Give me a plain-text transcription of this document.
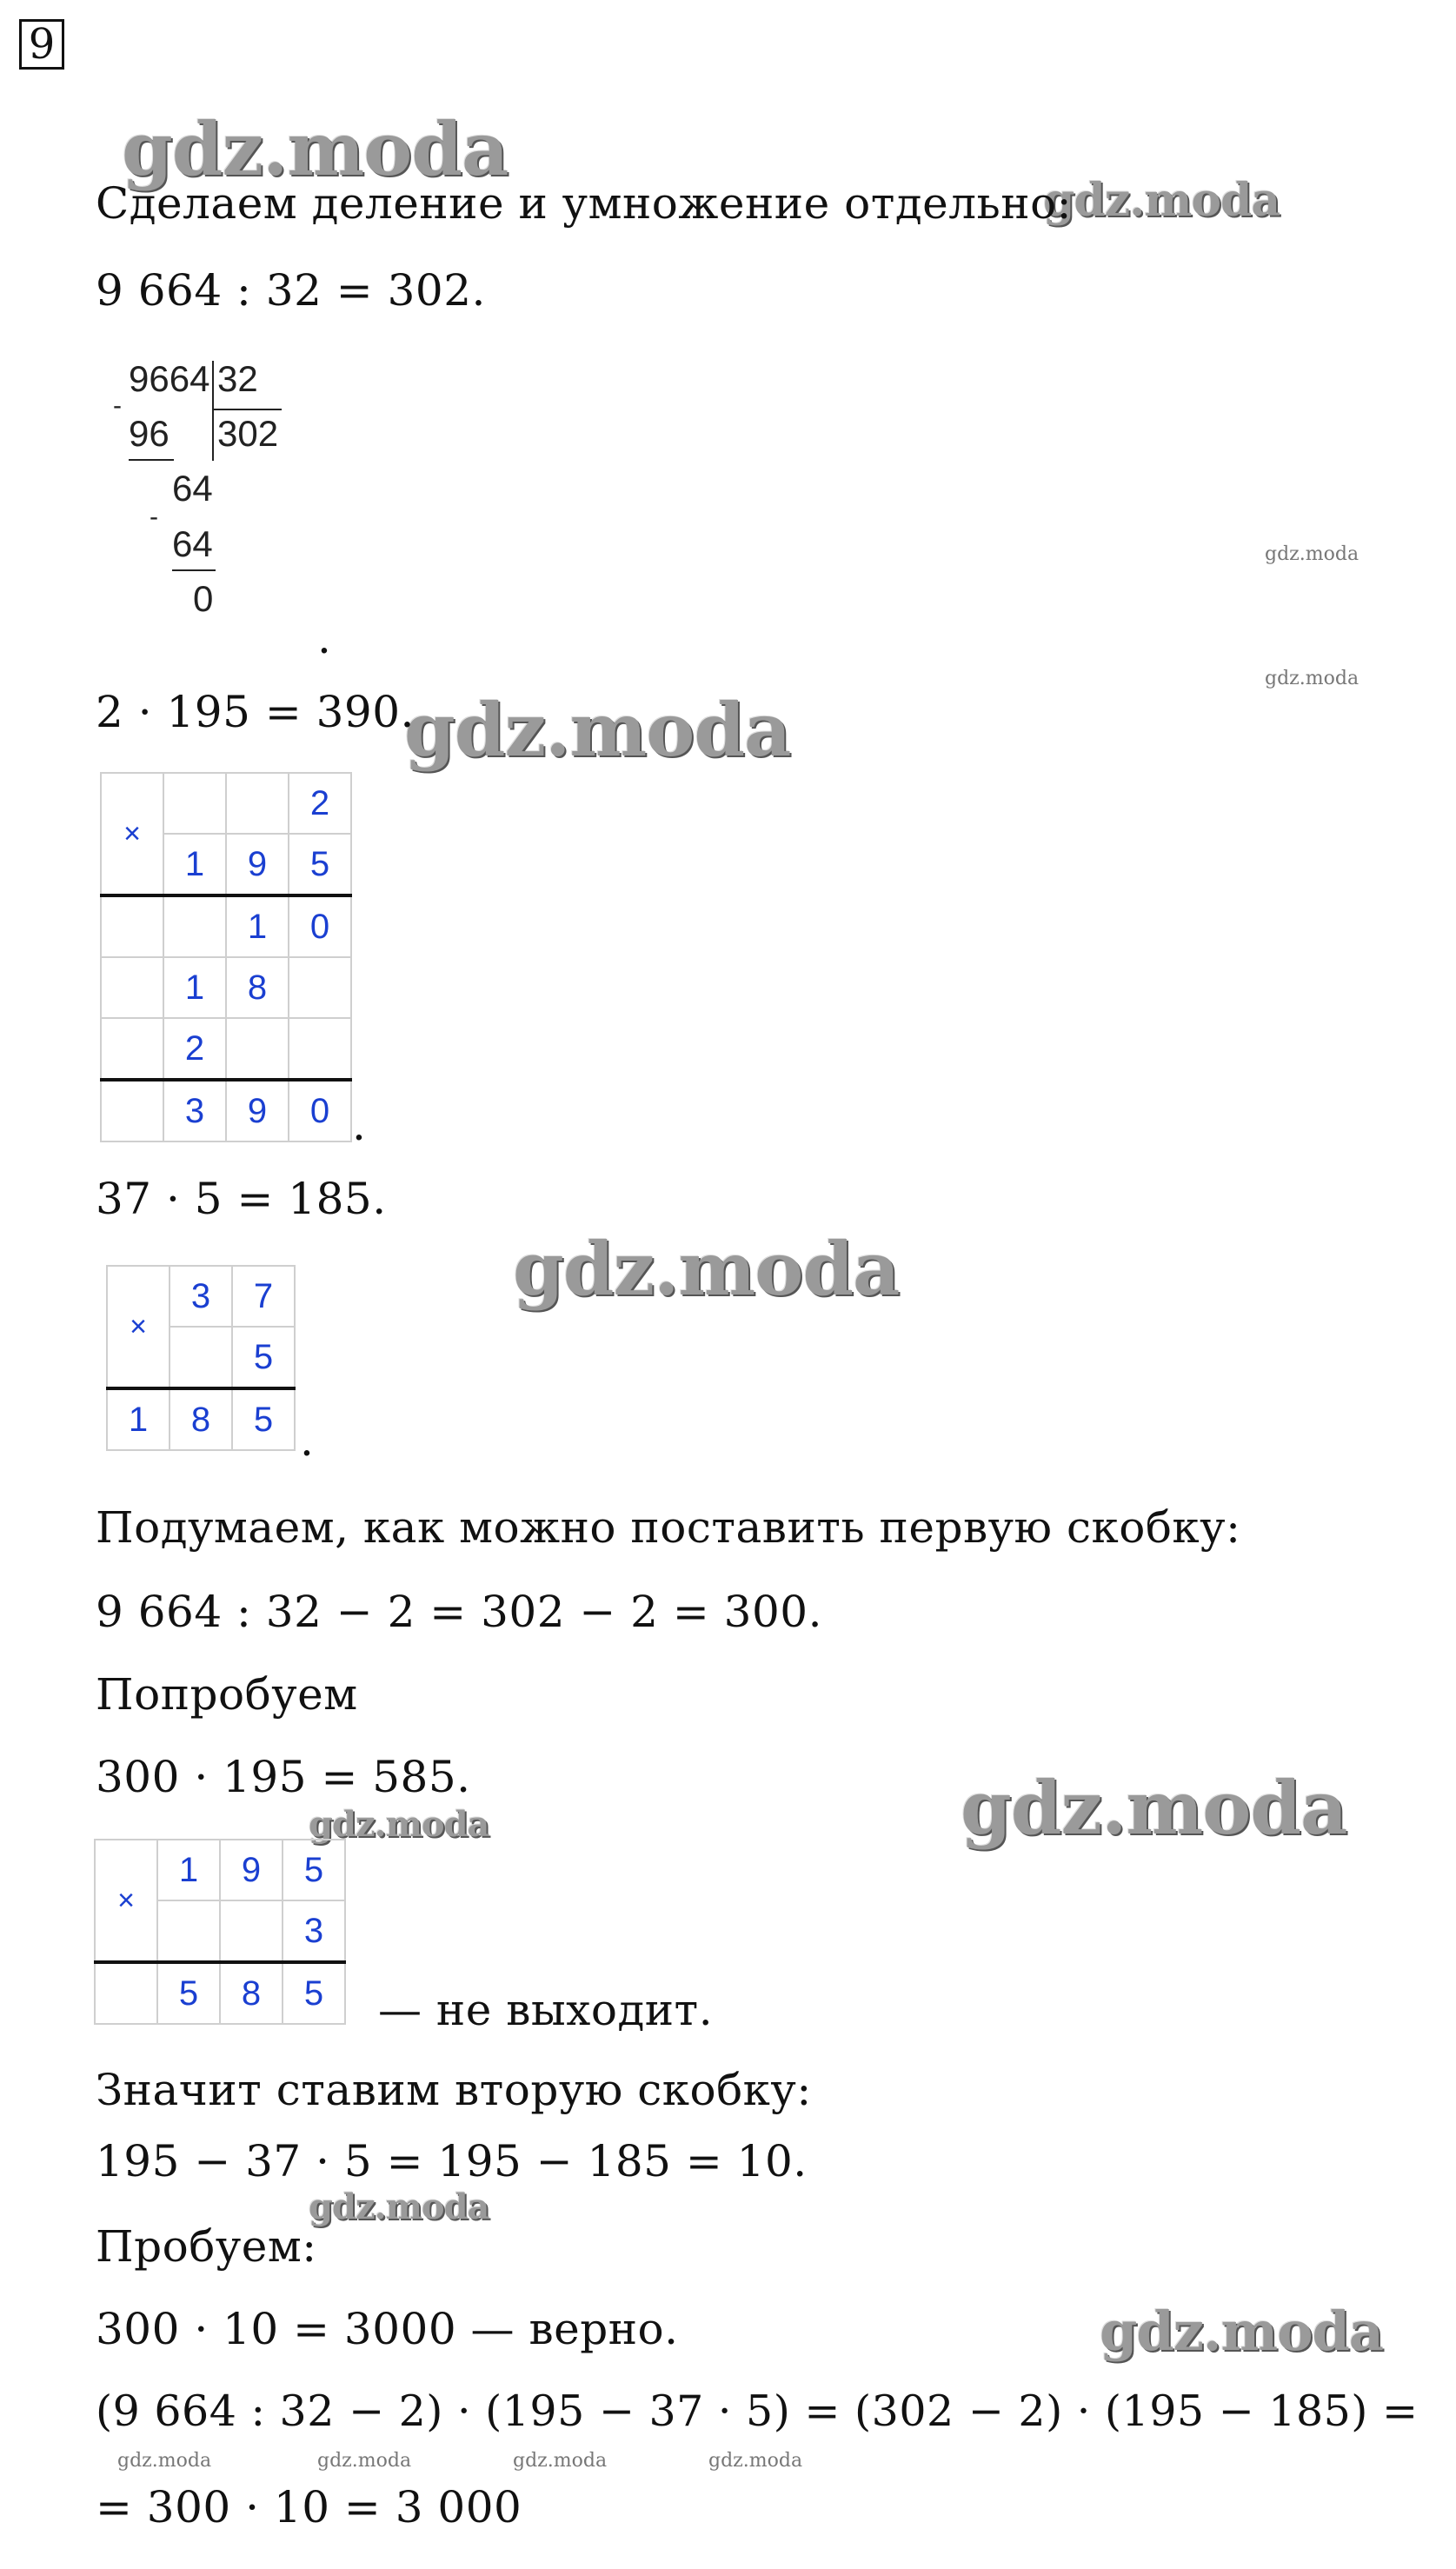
9
gdz.moda
gdz.moda
gdz.moda
gdz.moda
gdz.moda
gdz.moda
gdz.moda
gdz.moda
gdz.moda
gdz.moda
gdz.moda	gdz.moda	gdz.moda	gdz.moda
Сделаем деление и умножение отдельно:
9 664 : 32 = 302.
9664 32
-
96 302
64
-
64
0
.
2 · 195 = 390.
×			2
	1	9	5
		1	0
	1	8	
	2		
	3	9	0 .
37 · 5 = 185.
×	3	7
		5
1	8	5 .
Подумаем, как можно поставить первую скобку:
9 664 : 32 − 2 = 302 − 2 = 300.
Попробуем
300 · 195 = 585.
×	1	9	5
			3
	5	8	5 — не выходит.
Значит ставим вторую скобку:
195 − 37 · 5 = 195 − 185 = 10.
Пробуем:
300 · 10 = 3000 — верно.
(9 664 : 32 − 2) · (195 − 37 · 5) = (302 − 2) · (195 − 185) =
= 300 · 10 = 3 000
